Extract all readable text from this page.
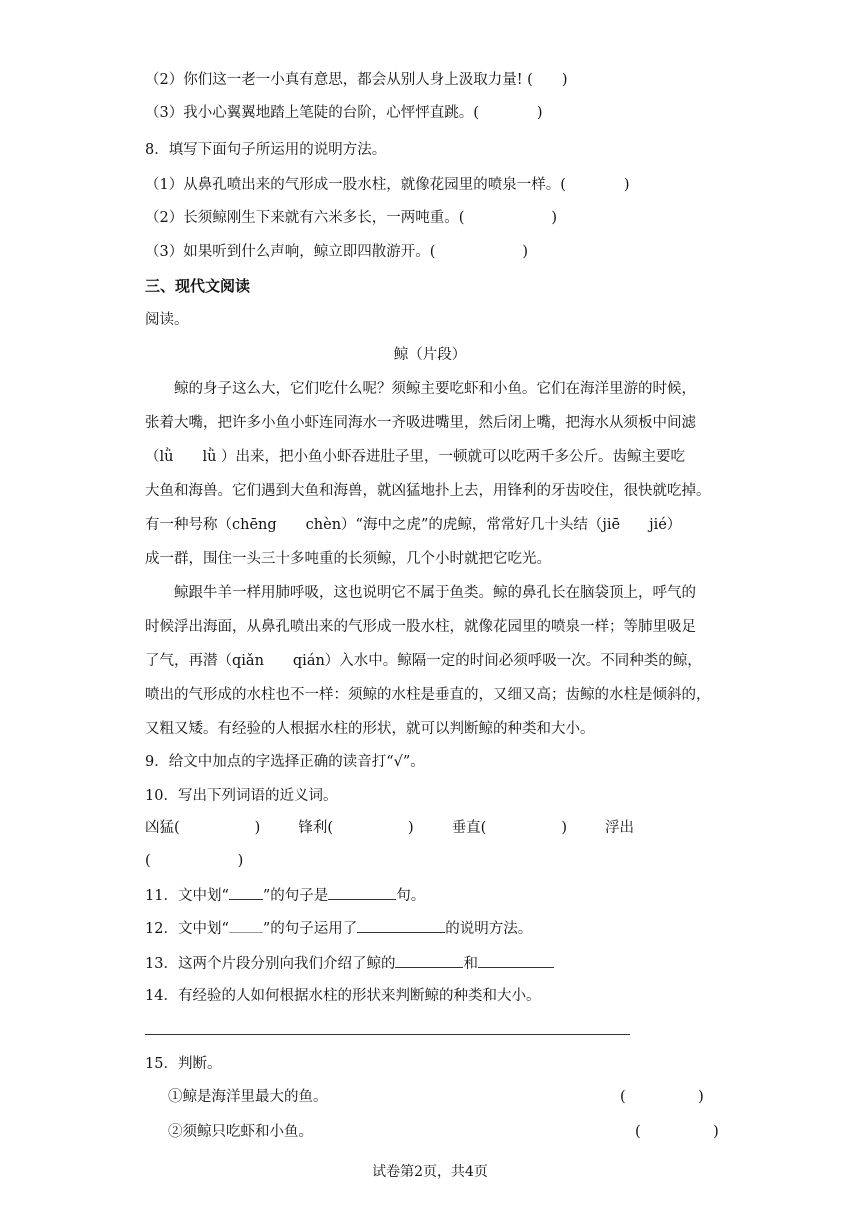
（2）你们这一老一小真有意思，都会从别人身上汲取力量! (　　)
（3）我小心翼翼地踏上笔陡的台阶，心怦怦直跳。(　　　　)
8．填写下面句子所运用的说明方法。
（1）从鼻孔喷出来的气形成一股水柱，就像花园里的喷泉一样。(　　　　)
（2）长须鲸刚生下来就有六米多长，一两吨重。(　　　　　　)
（3）如果听到什么声响，鲸立即四散游开。(　　　　　　)
三、现代文阅读
阅读。
鲸（片段）
鲸的身子这么大，它们吃什么呢？须鲸主要吃虾和小鱼。它们在海洋里游的时候，
张着大嘴，把许多小鱼小虾连同海水一齐吸进嘴里，然后闭上嘴，把海水从须板中间滤
（lǜ　　lǜ ）出来，把小鱼小虾吞进肚子里，一顿就可以吃两千多公斤。齿鲸主要吃
大鱼和海兽。它们遇到大鱼和海兽，就凶猛地扑上去，用锋利的牙齿咬住，很快就吃掉。
有一种号称（chēng　　chèn）“海中之虎”的虎鲸，常常好几十头结（jiē　　jié）
成一群，围住一头三十多吨重的长须鲸，几个小时就把它吃光。
鲸跟牛羊一样用肺呼吸，这也说明它不属于鱼类。鲸的鼻孔长在脑袋顶上，呼气的
时候浮出海面，从鼻孔喷出来的气形成一股水柱，就像花园里的喷泉一样；等肺里吸足
了气，再潜（qiǎn　　qián）入水中。鲸隔一定的时间必须呼吸一次。不同种类的鲸，
喷出的气形成的水柱也不一样：须鲸的水柱是垂直的，又细又高；齿鲸的水柱是倾斜的，
又粗又矮。有经验的人根据水柱的形状，就可以判断鲸的种类和大小。
9．给文中加点的字选择正确的读音打“√”。
10．写出下列词语的近义词。
凶猛(	)	锋利(	)	垂直(	)	浮出
(　　　　　　)
11．文中划“ ”的句子是	句。
12．文中划“ ”的句子运用了	的说明方法。
13．这两个片段分别向我们介绍了鲸的	和
14．有经验的人如何根据水柱的形状来判断鲸的种类和大小。
15．判断。
①鲸是海洋里最大的鱼。	(　　　　　)
②须鲸只吃虾和小鱼。	(　　　　　)
试卷第2页，共4页
